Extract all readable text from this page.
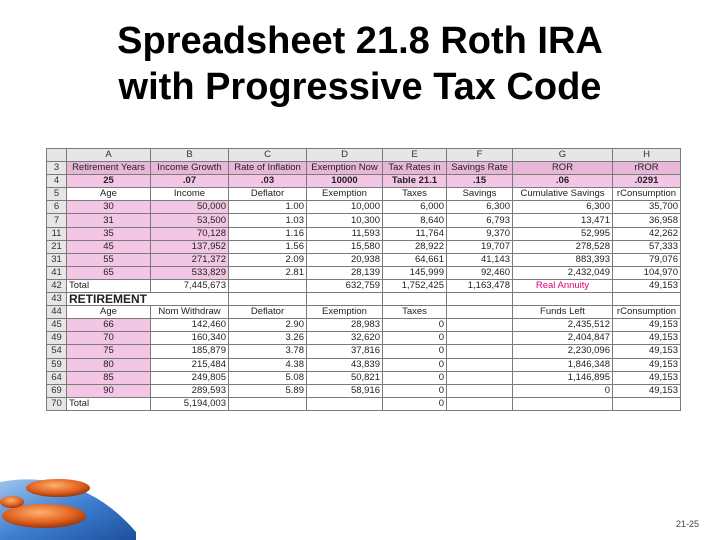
Spreadsheet 21.8 Roth IRA
with Progressive Tax Code
	A	B	C	D	E	F	G	H
3	Retirement Years	Income Growth	Rate of Inflation	Exemption Now	Tax Rates in	Savings Rate	ROR	rROR
4	25	.07	.03	10000	Table 21.1	.15	.06	.0291
5	Age	Income	Deflator	Exemption	Taxes	Savings	Cumulative Savings	rConsumption
6	30	50,000	1.00	10,000	6,000	6,300	6,300	35,700
7	31	53,500	1.03	10,300	8,640	6,793	13,471	36,958
11	35	70,128	1.16	11,593	11,764	9,370	52,995	42,262
21	45	137,952	1.56	15,580	28,922	19,707	278,528	57,333
31	55	271,372	2.09	20,938	64,661	41,143	883,393	79,076
41	65	533,829	2.81	28,139	145,999	92,460	2,432,049	104,970
42	Total	7,445,673		632,759	1,752,425	1,163,478	Real Annuity	49,153
43	RETIREMENT							
44	Age	Nom Withdraw	Deflator	Exemption	Taxes		Funds Left	rConsumption
45	66	142,460	2.90	28,983	0		2,435,512	49,153
49	70	160,340	3.26	32,620	0		2,404,847	49,153
54	75	185,879	3.78	37,816	0		2,230,096	49,153
59	80	215,484	4.38	43,839	0		1,846,348	49,153
64	85	249,805	5.08	50,821	0		1,146,895	49,153
69	90	289,593	5.89	58,916	0		0	49,153
70	Total	5,194,003			0			
21-25
